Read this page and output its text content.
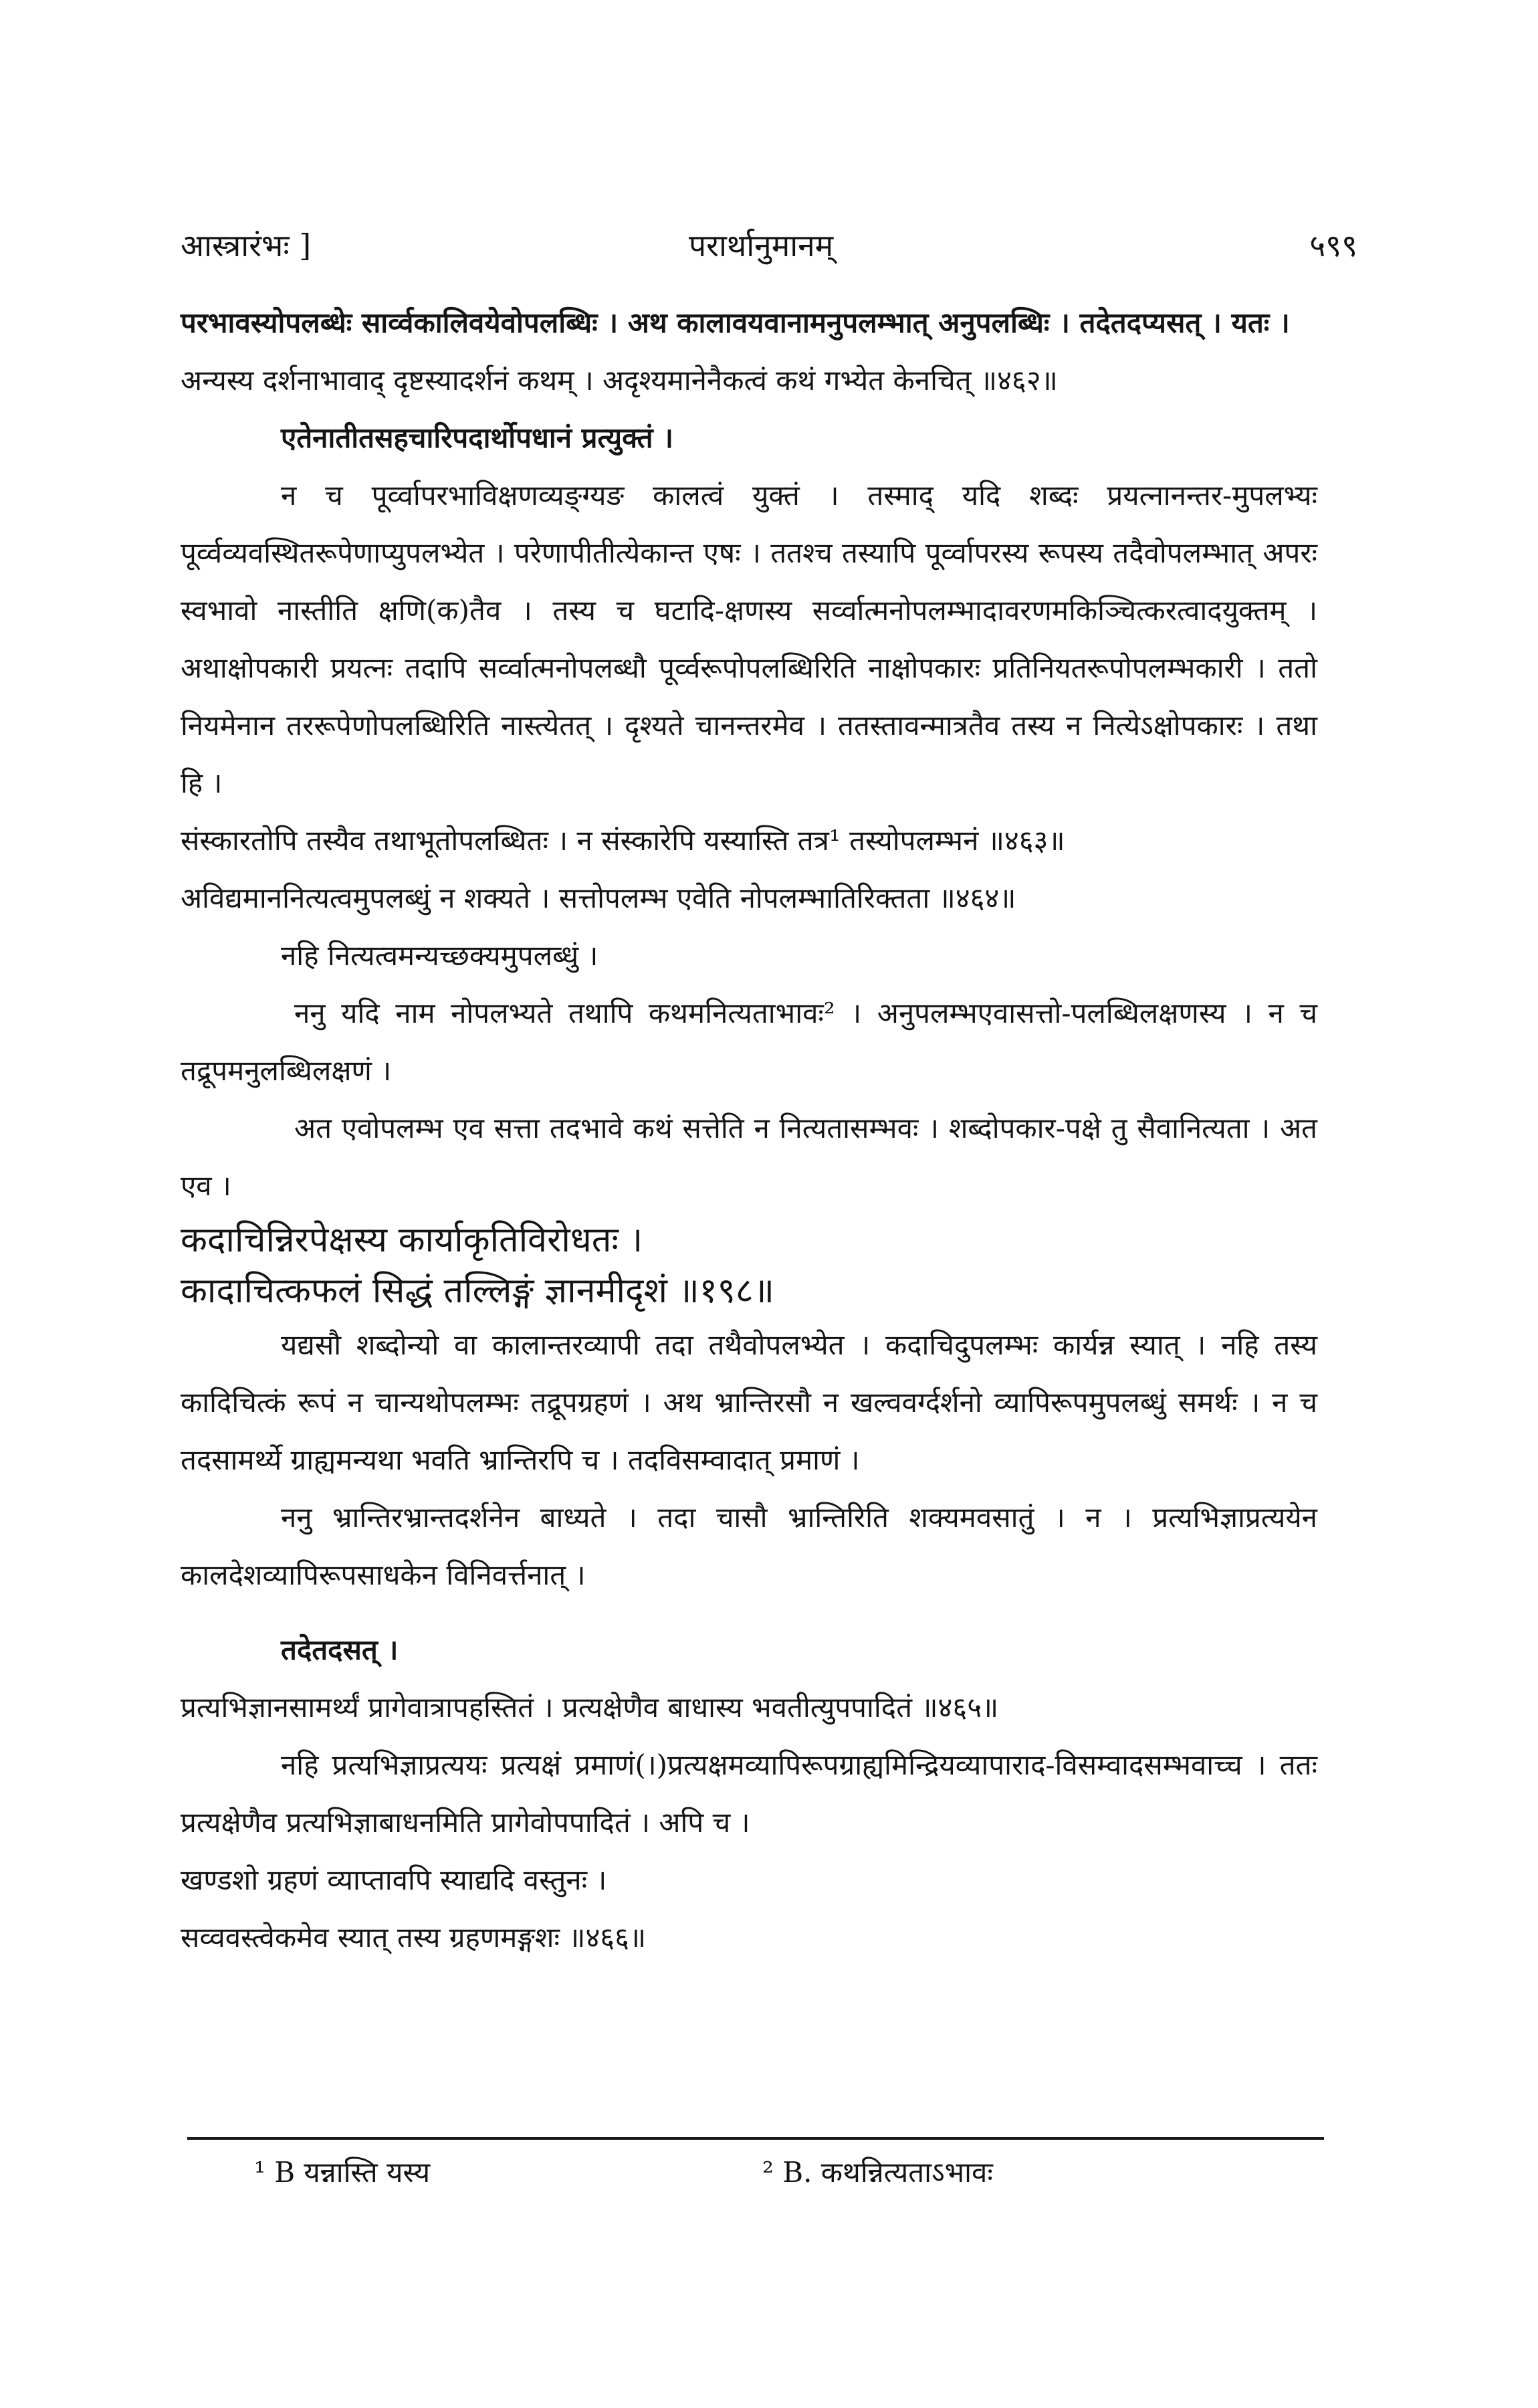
आस्त्रारंभः ]	परार्थानुमानम्	५९९

परभावस्योपलब्धेः सार्व्वकालिवयेवोपलब्धिः । अथ कालावयवानामनुपलम्भात् अनुपलब्धिः । तदेतदप्यसत् । यतः ।

अन्यस्य दर्शनाभावाद् दृष्टस्यादर्शनं कथम् । अदृश्यमानेनैकत्वं कथं गभ्येत केनचित् ॥४६२॥

एतेनातीतसहचारिपदार्थोपधानं प्रत्युक्तं ।

न च पूर्व्वापरभाविक्षणव्यङ्ग्यङ कालत्वं युक्तं । तस्माद् यदि शब्दः प्रयत्नानन्तर-मुपलभ्यः पूर्व्वव्यवस्थितरूपेणाप्युपलभ्येत । परेणापीतीत्येकान्त एषः । ततश्च तस्यापि पूर्व्वापरस्य रूपस्य तदैवोपलम्भात् अपरः स्वभावो नास्तीति क्षणि(क)तैव । तस्य च घटादि-क्षणस्य सर्व्वात्मनोपलम्भादावरणमकिञ्चित्करत्वादयुक्तम् । अथाक्षोपकारी प्रयत्नः तदापि सर्व्वात्मनोपलब्धौ पूर्व्वरूपोपलब्धिरिति नाक्षोपकारः प्रतिनियतरूपोपलम्भकारी । ततो नियमेनान तररूपेणोपलब्धिरिति नास्त्येतत् । दृश्यते चानन्तरमेव । ततस्तावन्मात्रतैव तस्य न नित्येऽक्षोपकारः । तथा हि ।

संस्कारतोपि तस्यैव तथाभूतोपलब्धितः । न संस्कारेपि यस्यास्ति तत्र¹ तस्योपलम्भनं ॥४६३॥

अविद्यमाननित्यत्वमुपलब्धुं न शक्यते । सत्तोपलम्भ एवेति नोपलम्भातिरिक्तता ॥४६४॥

नहि नित्यत्वमन्यच्छक्यमुपलब्धुं ।

ननु यदि नाम नोपलभ्यते तथापि कथमनित्यताभावः² । अनुपलम्भएवासत्तो-पलब्धिलक्षणस्य । न च तद्रूपमनुलब्धिलक्षणं ।

अत एवोपलम्भ एव सत्ता तदभावे कथं सत्तेति न नित्यतासम्भवः । शब्दोपकार-पक्षे तु सैवानित्यता । अत एव ।

कदाचिन्निरपेक्षस्य कार्याकृतिविरोधतः ।

कादाचित्कफलं सिद्धं तल्लिङ्गं ज्ञानमीदृशं ॥१९८॥

यद्यसौ शब्दोन्यो वा कालान्तरव्यापी तदा तथैवोपलभ्येत । कदाचिदुपलम्भः कार्यन्न स्यात् । नहि तस्य कादिचित्कं रूपं न चान्यथोपलम्भः तद्रूपग्रहणं । अथ भ्रान्तिरसौ न खल्ववर्ग्दर्शनो व्यापिरूपमुपलब्धुं समर्थः । न च तदसामर्थ्ये ग्राह्यमन्यथा भवति भ्रान्तिरपि च । तदविसम्वादात् प्रमाणं ।

ननु भ्रान्तिरभ्रान्तदर्शनेन बाध्यते । तदा चासौ भ्रान्तिरिति शक्यमवसातुं । न । प्रत्यभिज्ञाप्रत्ययेन कालदेशव्यापिरूपसाधकेन विनिवर्त्तनात् ।

तदेतदसत् ।

प्रत्यभिज्ञानसामर्थ्यं प्रागेवात्रापहस्तितं । प्रत्यक्षेणैव बाधास्य भवतीत्युपपादितं ॥४६५॥

नहि प्रत्यभिज्ञाप्रत्ययः प्रत्यक्षं प्रमाणं(।)प्रत्यक्षमव्यापिरूपग्राह्यमिन्द्रियव्यापाराद-विसम्वादसम्भवाच्च । ततः प्रत्यक्षेणैव प्रत्यभिज्ञाबाधनमिति प्रागेवोपपादितं । अपि च ।

खण्डशो ग्रहणं व्याप्तावपि स्याद्यदि वस्तुनः ।

सव्ववस्त्वेकमेव स्यात् तस्य ग्रहणमङ्गशः ॥४६६॥

¹ B यन्नास्ति यस्य	² B. कथन्नित्यताऽभावः
